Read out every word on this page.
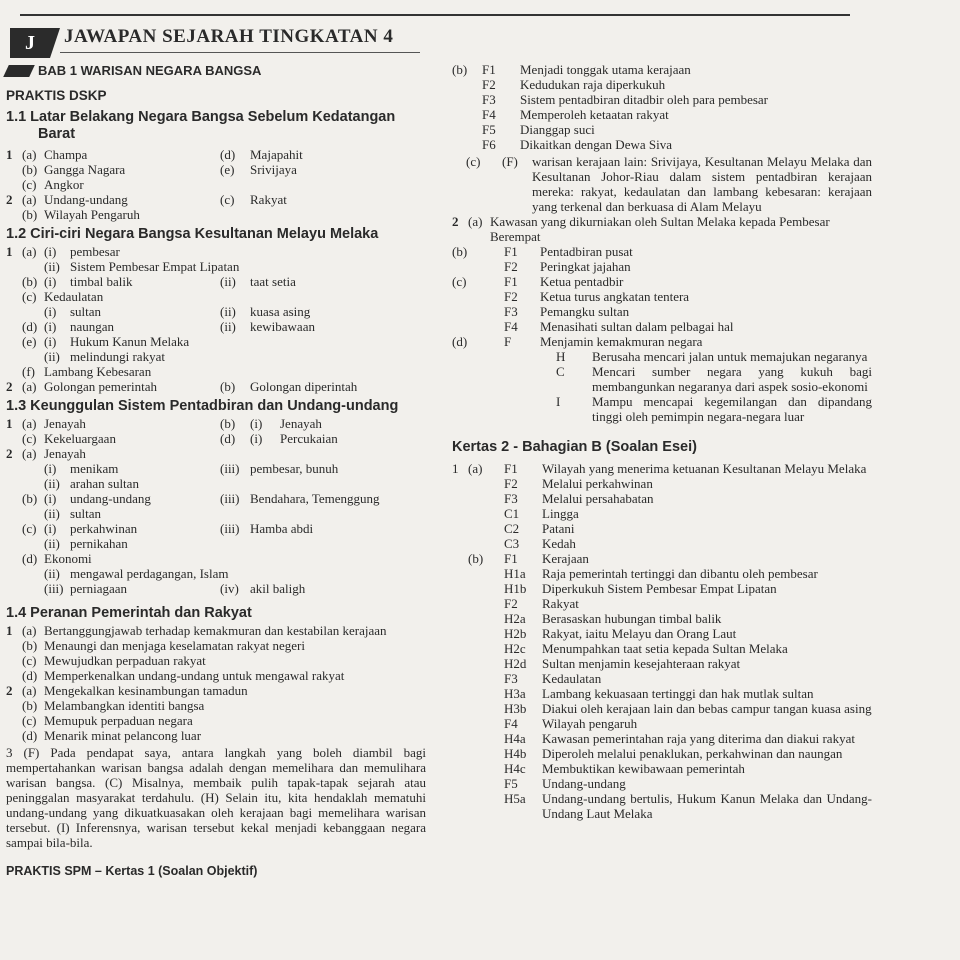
J	JAWAPAN SEJARAH TINGKATAN 4
BAB 1 WARISAN NEGARA BANGSA
PRAKTIS DSKP
1.1 Latar Belakang Negara Bangsa Sebelum Kedatangan
Barat
1 (a) Champa	(d)	Majapahit
(b) Gangga Nagara	(e)	Srivijaya
(c) Angkor
2 (a) Undang-undang	(c)	Rakyat
(b) Wilayah Pengaruh
1.2 Ciri-ciri Negara Bangsa Kesultanan Melayu Melaka
1 (a) (i)	pembesar
(ii) Sistem Pembesar Empat Lipatan
(b) (i)	timbal balik	(ii)	taat setia
(c) Kedaulatan
(i)	sultan	(ii)	kuasa asing
(d) (i)	naungan	(ii)	kewibawaan
(e) (i)	Hukum Kanun Melaka
(ii) melindungi rakyat
(f) Lambang Kebesaran
2 (a) Golongan pemerintah	(b)	Golongan diperintah
1.3 Keunggulan Sistem Pentadbiran dan Undang-undang
1 (a) Jenayah	(b)	(i)	Jenayah
(c) Kekeluargaan	(d)	(i)	Percukaian
2 (a) Jenayah
(i)	menikam	(iii) pembesar, bunuh
(ii) arahan sultan
(b) (i)	undang-undang	(iii) Bendahara, Temenggung
(ii) sultan
(c) (i)	perkahwinan	(iii) Hamba abdi
(ii) pernikahan
(d) Ekonomi
(ii) mengawal perdagangan, Islam
(iii) perniagaan	(iv) akil baligh
1.4 Peranan Pemerintah dan Rakyat
1 (a) Bertanggungjawab terhadap kemakmuran dan kestabilan kerajaan
(b) Menaungi dan menjaga keselamatan rakyat negeri
(c) Mewujudkan perpaduan rakyat
(d) Memperkenalkan undang-undang untuk mengawal rakyat
2 (a) Mengekalkan kesinambungan tamadun
(b) Melambangkan identiti bangsa
(c) Memupuk perpaduan negara
(d) Menarik minat pelancong luar
3 (F) Pada pendapat saya, antara langkah yang boleh diambil bagi mempertahankan warisan bangsa adalah dengan memelihara dan memulihara warisan bangsa. (C) Misalnya, membaik pulih tapak-tapak sejarah atau peninggalan masyarakat terdahulu. (H) Selain itu, kita hendaklah mematuhi undang-undang yang dikuatkuasakan oleh kerajaan bagi memelihara warisan tersebut. (I) Inferensnya, warisan tersebut kekal menjadi kebanggaan negara sampai bila-bila.
PRAKTIS SPM – Kertas 1 (Soalan Objektif)
(b)	F1	Menjadi tonggak utama kerajaan
F2	Kedudukan raja diperkukuh
F3	Sistem pentadbiran ditadbir oleh para pembesar
F4	Memperoleh ketaatan rakyat
F5	Dianggap suci
F6	Dikaitkan dengan Dewa Siva
(c)	(F)	warisan kerajaan lain: Srivijaya, Kesultanan Melayu Melaka dan Kesultanan Johor-Riau dalam sistem pentadbiran kerajaan mereka: rakyat, kedaulatan dan lambang kebesaran: kerajaan yang terkenal dan berkuasa di Alam Melayu
2 (a) Kawasan yang dikurniakan oleh Sultan Melaka kepada Pembesar Berempat
(b)	F1	Pentadbiran pusat
F2	Peringkat jajahan
(c)	F1	Ketua pentadbir
F2	Ketua turus angkatan tentera
F3	Pemangku sultan
F4	Menasihati sultan dalam pelbagai hal
(d)	F	Menjamin kemakmuran negara
H	Berusaha mencari jalan untuk memajukan negaranya
C	Mencari sumber negara yang kukuh bagi membangunkan negaranya dari aspek sosio-ekonomi
I	Mampu mencapai kegemilangan dan dipandang tinggi oleh pemimpin negara-negara luar
Kertas 2 - Bahagian B (Soalan Esei)
1 (a)	F1	Wilayah yang menerima ketuanan Kesultanan Melayu Melaka
F2	Melalui perkahwinan
F3	Melalui persahabatan
C1	Lingga
C2	Patani
C3	Kedah
(b)	F1	Kerajaan
H1a	Raja pemerintah tertinggi dan dibantu oleh pembesar
H1b	Diperkukuh Sistem Pembesar Empat Lipatan
F2	Rakyat
H2a	Berasaskan hubungan timbal balik
H2b	Rakyat, iaitu Melayu dan Orang Laut
H2c	Menumpahkan taat setia kepada Sultan Melaka
H2d	Sultan menjamin kesejahteraan rakyat
F3	Kedaulatan
H3a	Lambang kekuasaan tertinggi dan hak mutlak sultan
H3b	Diakui oleh kerajaan lain dan bebas campur tangan kuasa asing
F4	Wilayah pengaruh
H4a	Kawasan pemerintahan raja yang diterima dan diakui rakyat
H4b	Diperoleh melalui penaklukan, perkahwinan dan naungan
H4c	Membuktikan kewibawaan pemerintah
F5	Undang-undang
H5a	Undang-undang bertulis, Hukum Kanun Melaka dan Undang-Undang Laut Melaka
